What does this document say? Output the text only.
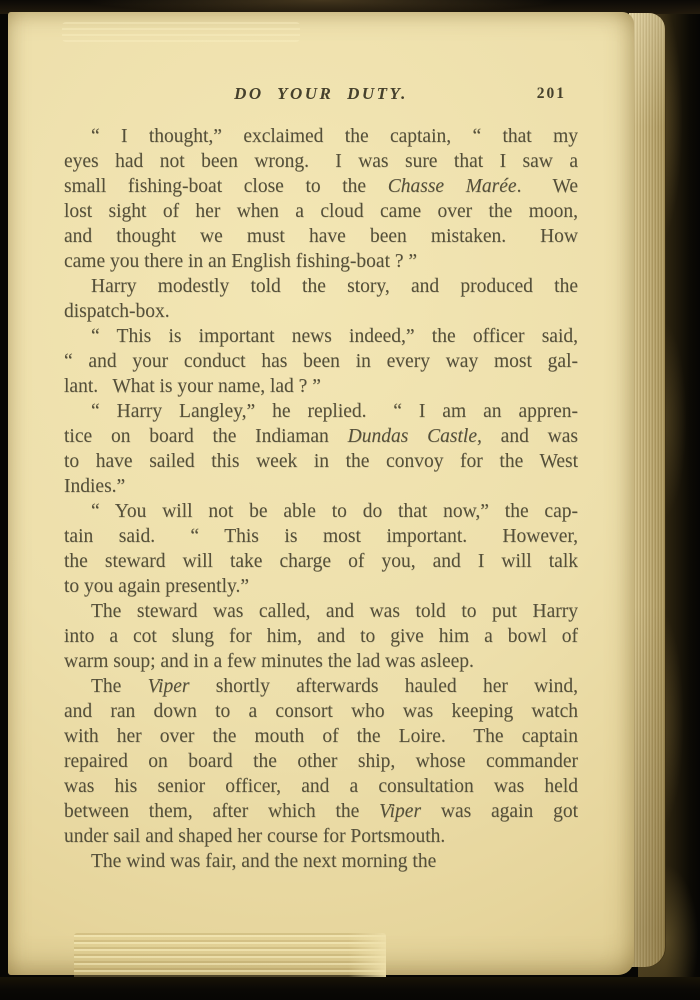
DO YOUR DUTY.	201
“ I thought,” exclaimed the captain, “ that my
eyes had not been wrong.  I was sure that I saw a
small fishing-boat close to the Chasse Marée.  We
lost sight of her when a cloud came over the moon,
and thought we must have been mistaken.  How
came you there in an English fishing-boat ? ”
Harry modestly told the story, and produced the
dispatch-box.
“ This is important news indeed,” the officer said,
“ and your conduct has been in every way most gal-
lant.  What is your name, lad ? ”
“ Harry Langley,” he replied.  “ I am an appren-
tice on board the Indiaman Dundas Castle, and was
to have sailed this week in the convoy for the West
Indies.”
“ You will not be able to do that now,” the cap-
tain said.  “ This is most important.  However,
the steward will take charge of you, and I will talk
to you again presently.”
The steward was called, and was told to put Harry
into a cot slung for him, and to give him a bowl of
warm soup; and in a few minutes the lad was asleep.
The Viper shortly afterwards hauled her wind,
and ran down to a consort who was keeping watch
with her over the mouth of the Loire.  The captain
repaired on board the other ship, whose commander
was his senior officer, and a consultation was held
between them, after which the Viper was again got
under sail and shaped her course for Portsmouth.
The wind was fair, and the next morning the
